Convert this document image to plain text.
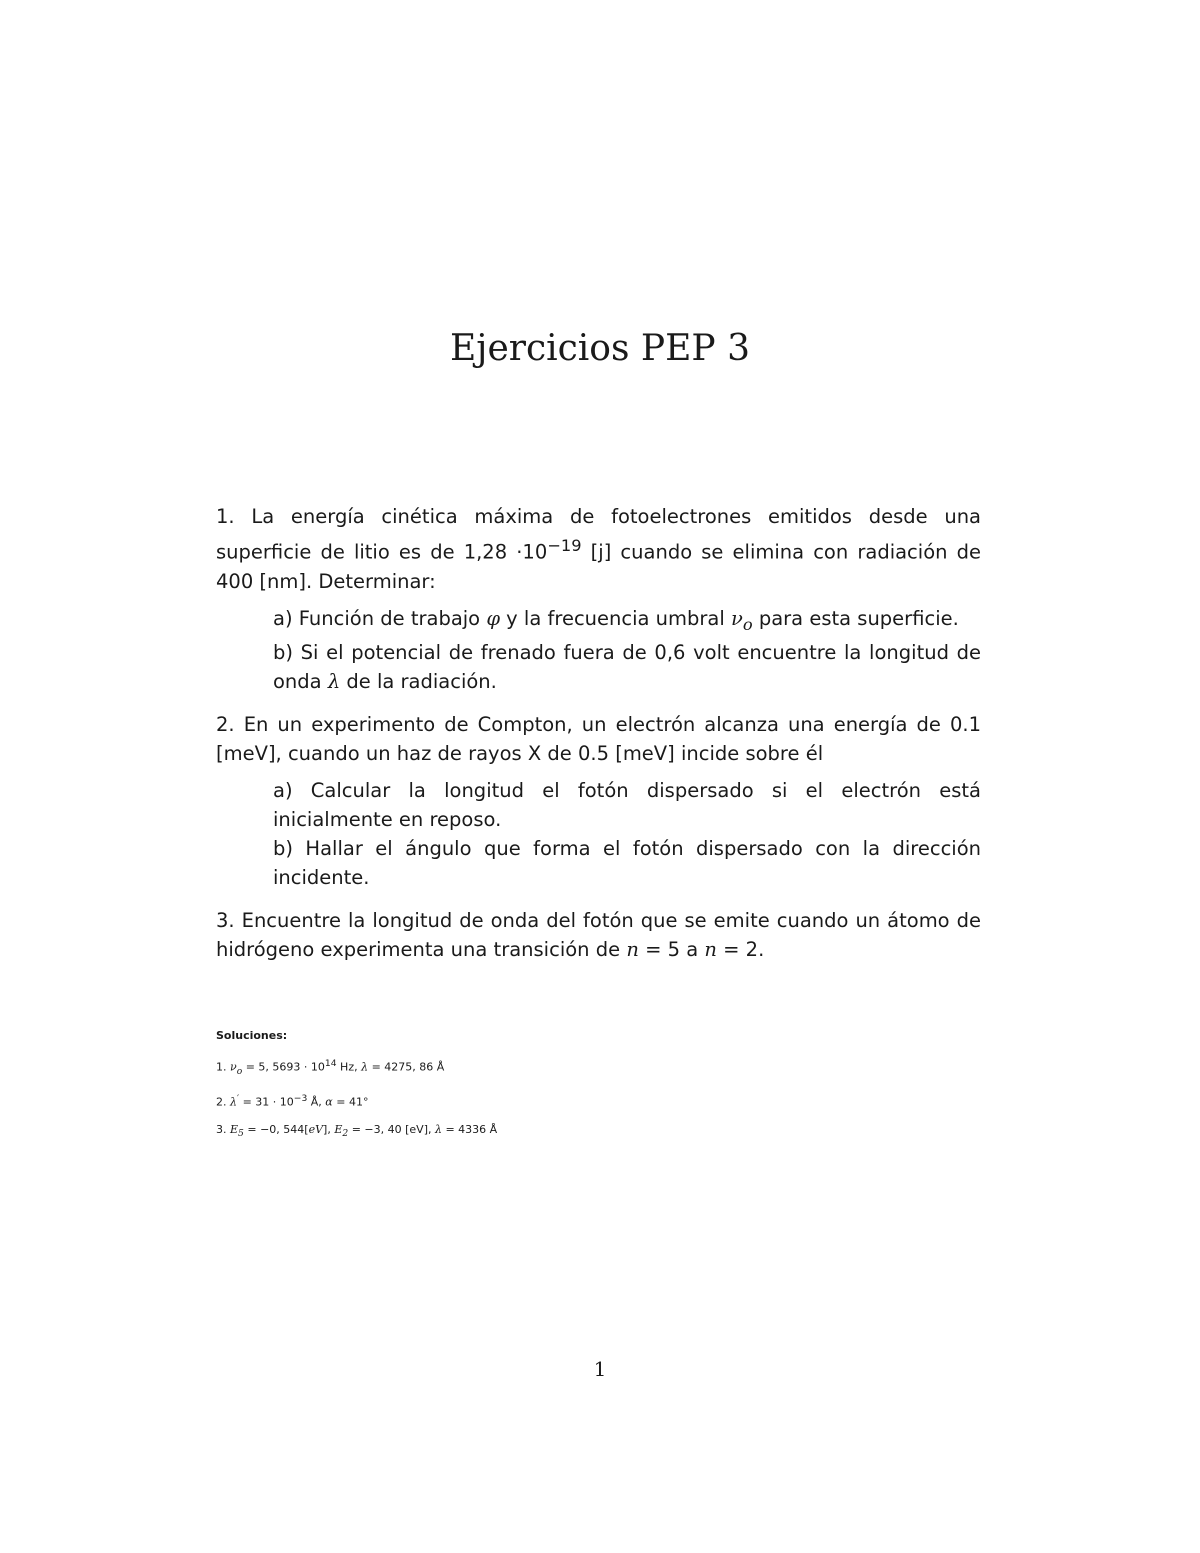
Ejercicios PEP 3

1. La energía cinética máxima de fotoelectrones emitidos desde una superficie de litio es de $1,28 \cdot 10^{-19}$ [j] cuando se elimina con radiación de 400 [nm]. Determinar:

a) Función de trabajo φ y la frecuencia umbral $\nu_o$ para esta superficie.
b) Si el potencial de frenado fuera de 0,6 volt encuentre la longitud de onda λ de la radiación.

2. En un experimento de Compton, un electrón alcanza una energía de 0.1 [meV], cuando un haz de rayos X de 0.5 [meV] incide sobre él

a) Calcular la longitud el fotón dispersado si el electrón está inicialmente en reposo.
b) Hallar el ángulo que forma el fotón dispersado con la dirección incidente.

3. Encuentre la longitud de onda del fotón que se emite cuando un átomo de hidrógeno experimenta una transición de n = 5 a n = 2.

Soluciones:
1. $\nu_o = 5$, $5693 \cdot 10^{14}$ Hz, λ = 4275, 86 Å
2. $\lambda' = 31 \cdot 10^{-3}$ Å, α = 41°
3. $E_5 = -0$, 544[eV], $E_2 = -3$, 40 [eV], λ = 4336 Å
1
